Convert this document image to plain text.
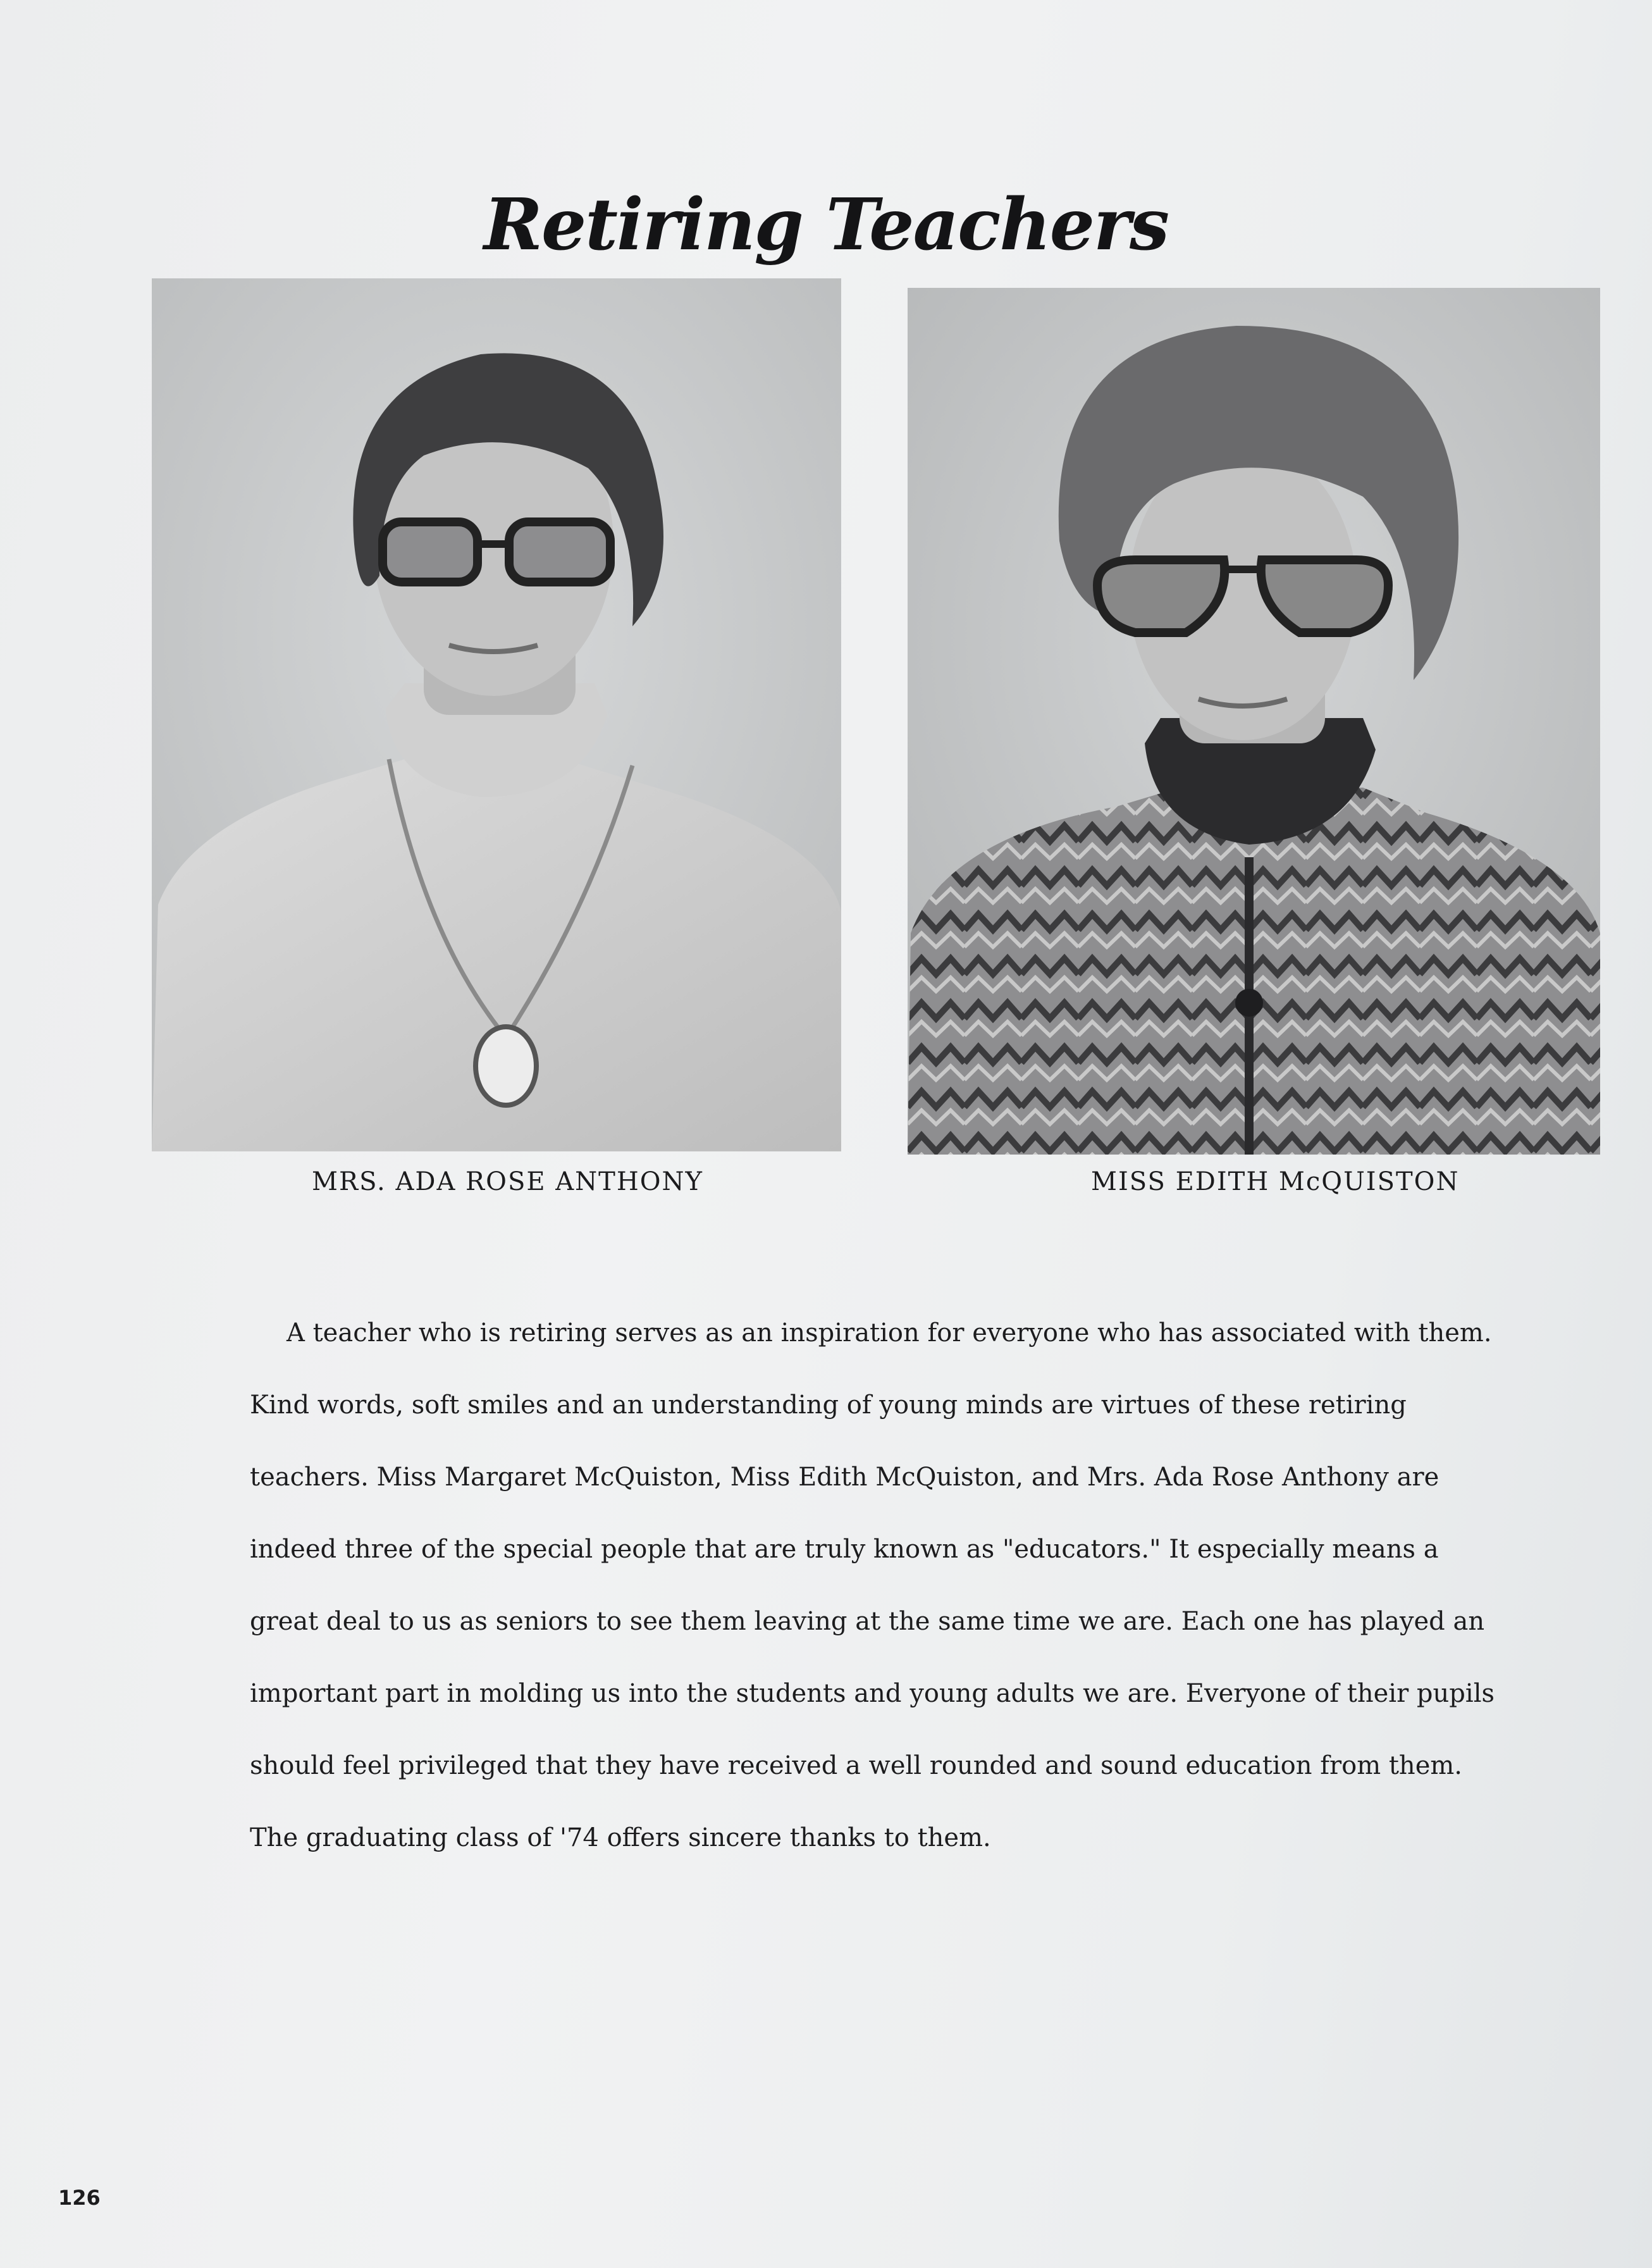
Retiring Teachers
MRS. ADA ROSE ANTHONY	MISS EDITH McQUISTON
A teacher who is retiring serves as an inspiration for everyone who has associated with them.
Kind words, soft smiles and an understanding of young minds are virtues of these retiring
teachers. Miss Margaret McQuiston, Miss Edith McQuiston, and Mrs. Ada Rose Anthony are
indeed three of the special people that are truly known as "educators." It especially means a
great deal to us as seniors to see them leaving at the same time we are. Each one has played an
important part in molding us into the students and young adults we are. Everyone of their pupils
should feel privileged that they have received a well rounded and sound education from them.
The graduating class of '74 offers sincere thanks to them.
126
